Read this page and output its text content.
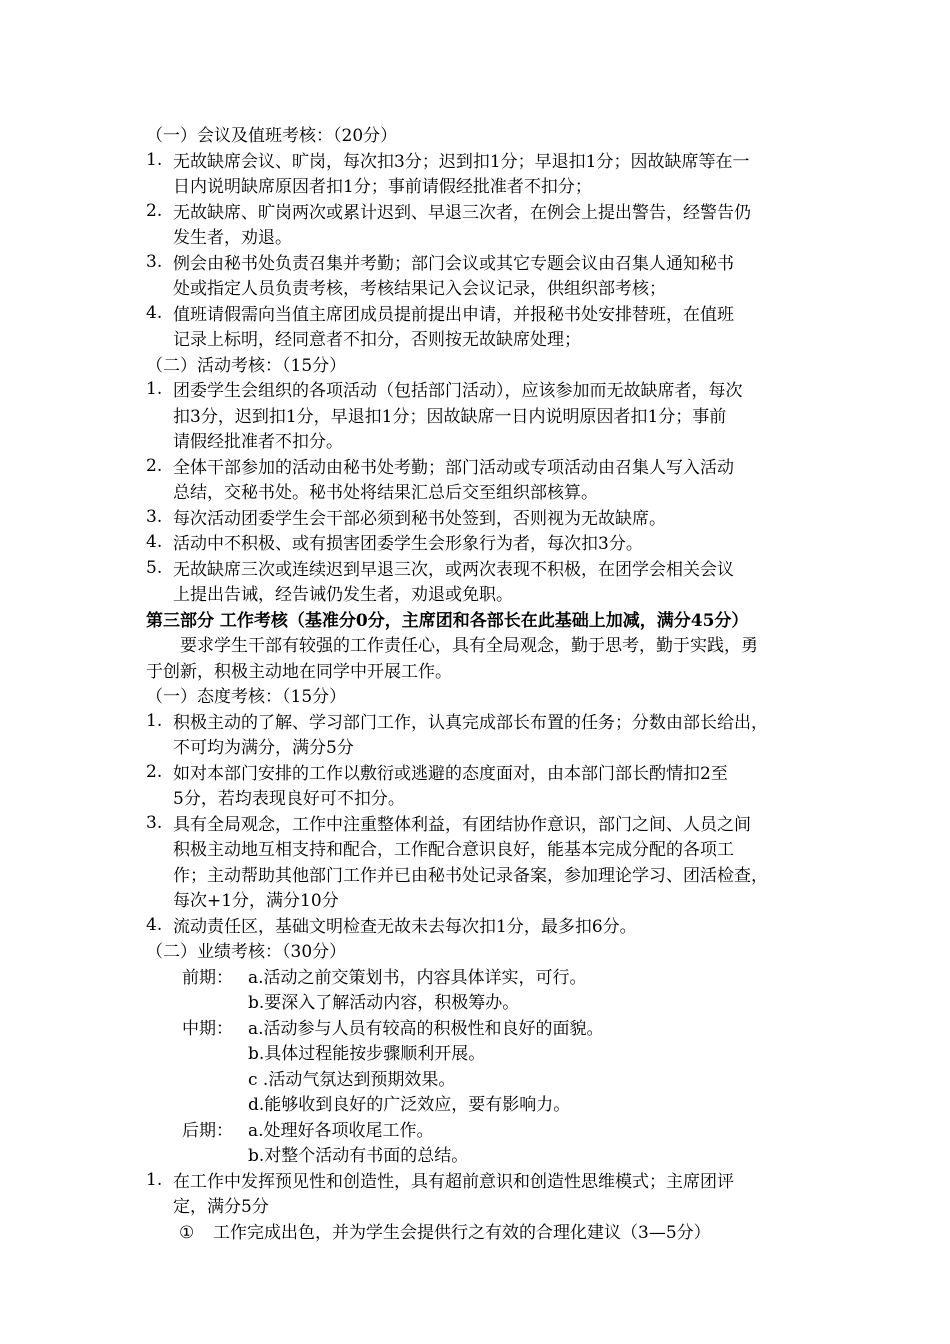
（一）会议及值班考核：（20分）
1. 无故缺席会议、旷岗，每次扣3分；迟到扣1分；早退扣1分；因故缺席等在一
日内说明缺席原因者扣1分；事前请假经批准者不扣分；
2. 无故缺席、旷岗两次或累计迟到、早退三次者，在例会上提出警告，经警告仍
发生者，劝退。
3. 例会由秘书处负责召集并考勤；部门会议或其它专题会议由召集人通知秘书
处或指定人员负责考核，考核结果记入会议记录，供组织部考核；
4. 值班请假需向当值主席团成员提前提出申请，并报秘书处安排替班，在值班
记录上标明，经同意者不扣分，否则按无故缺席处理；
（二）活动考核：（15分）
1. 团委学生会组织的各项活动（包括部门活动），应该参加而无故缺席者，每次
扣3分，迟到扣1分，早退扣1分；因故缺席一日内说明原因者扣1分；事前
请假经批准者不扣分。
2. 全体干部参加的活动由秘书处考勤；部门活动或专项活动由召集人写入活动
总结，交秘书处。秘书处将结果汇总后交至组织部核算。
3. 每次活动团委学生会干部必须到秘书处签到，否则视为无故缺席。
4. 活动中不积极、或有损害团委学生会形象行为者，每次扣3分。
5. 无故缺席三次或连续迟到早退三次，或两次表现不积极，在团学会相关会议
上提出告诫，经告诫仍发生者，劝退或免职。
第三部分 工作考核（基准分0分，主席团和各部长在此基础上加减，满分45分）
要求学生干部有较强的工作责任心，具有全局观念，勤于思考，勤于实践，勇
于创新，积极主动地在同学中开展工作。
（一）态度考核：（15分）
1. 积极主动的了解、学习部门工作，认真完成部长布置的任务；分数由部长给出，
不可均为满分，满分5分
2. 如对本部门安排的工作以敷衍或逃避的态度面对，由本部门部长酌情扣2至
5分，若均表现良好可不扣分。
3. 具有全局观念，工作中注重整体利益，有团结协作意识，部门之间、人员之间
积极主动地互相支持和配合，工作配合意识良好，能基本完成分配的各项工
作；主动帮助其他部门工作并已由秘书处记录备案，参加理论学习、团活检查，
每次+1分，满分10分
4. 流动责任区，基础文明检查无故未去每次扣1分，最多扣6分。
（二）业绩考核：（30分）
前期： a.活动之前交策划书，内容具体详实，可行。
b.要深入了解活动内容，积极筹办。
中期： a.活动参与人员有较高的积极性和良好的面貌。
b.具体过程能按步骤顺利开展。
c .活动气氛达到预期效果。
d.能够收到良好的广泛效应，要有影响力。
后期： a.处理好各项收尾工作。
b.对整个活动有书面的总结。
1. 在工作中发挥预见性和创造性，具有超前意识和创造性思维模式；主席团评
定，满分5分
① 工作完成出色，并为学生会提供行之有效的合理化建议（3—5分）
